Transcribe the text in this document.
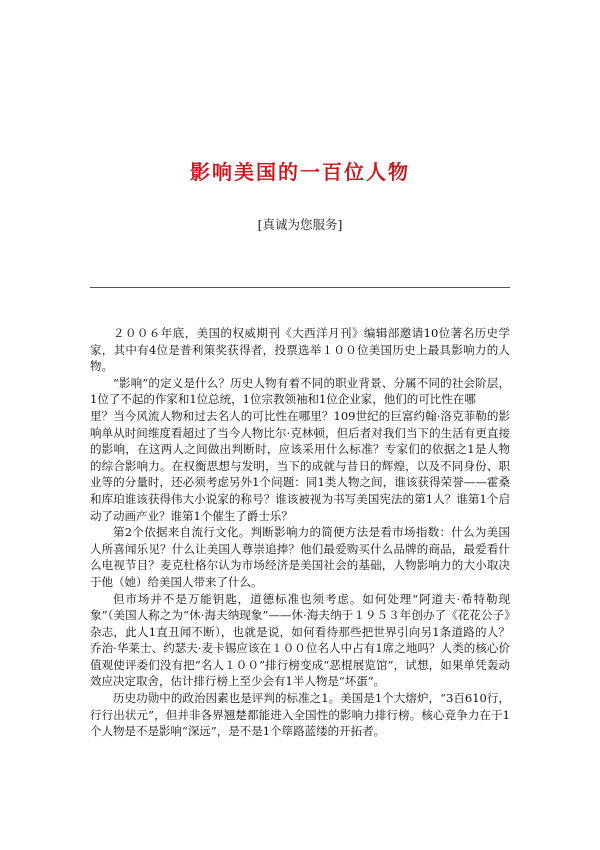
影响美国的一百位人物
[真诚为您服务]

２００６年底，美国的权威期刊《大西洋月刊》编辑部邀请10位著名历史学家，其中有4位是普利策奖获得者，投票选举１００位美国历史上最具影响力的人物。

“影响”的定义是什么？历史人物有着不同的职业背景、分属不同的社会阶层，1位了不起的作家和1位总统，1位宗教领袖和1位企业家，他们的可比性在哪

里？当今风流人物和过去名人的可比性在哪里？109世纪的巨富约翰·洛克菲勒的影响单从时间维度看超过了当今人物比尔·克林顿，但后者对我们当下的生活有更直接的影响，在这两人之间做出判断时，应该采用什么标准？专家们的依据之1是人物的综合影响力。在权衡思想与发明，当下的成就与昔日的辉煌，以及不同身份、职业等的分量时，还必须考虑另外1个问题：同1类人物之间，谁该获得荣誉——霍桑和库珀谁该获得伟大小说家的称号？谁该被视为书写美国宪法的第1人？谁第1个启动了动画产业？谁第1个催生了爵士乐？

第2个依据来自流行文化。判断影响力的简便方法是看市场指数：什么为美国人所喜闻乐见？什么让美国人尊崇追捧？他们最爱购买什么品牌的商品，最爱看什么电视节目？麦克杜格尔认为市场经济是美国社会的基础，人物影响力的大小取决于他（她）给美国人带来了什么。

但市场并不是万能钥匙，道德标准也须考虑。如何处理“阿道夫·希特勒现象”（美国人称之为“休·海夫纳现象”——休·海夫纳于１９５３年创办了《花花公子》杂志，此人1直丑闻不断），也就是说，如何看待那些把世界引向另1条道路的人？乔治·华莱士、约瑟夫·麦卡锡应该在１００位名人中占有1席之地吗？人类的核心价值观使评委们没有把“名人１００”排行榜变成“恶棍展览馆”，试想，如果单凭轰动效应决定取舍，估计排行榜上至少会有1半人物是“坏蛋”。

历史功勋中的政治因素也是评判的标准之1。美国是1个大熔炉，“3百610行，行行出状元”，但并非各界翘楚都能进入全国性的影响力排行榜。核心竞争力在于1个人物是不是影响“深远”，是不是1个筚路蓝缕的开拓者。
